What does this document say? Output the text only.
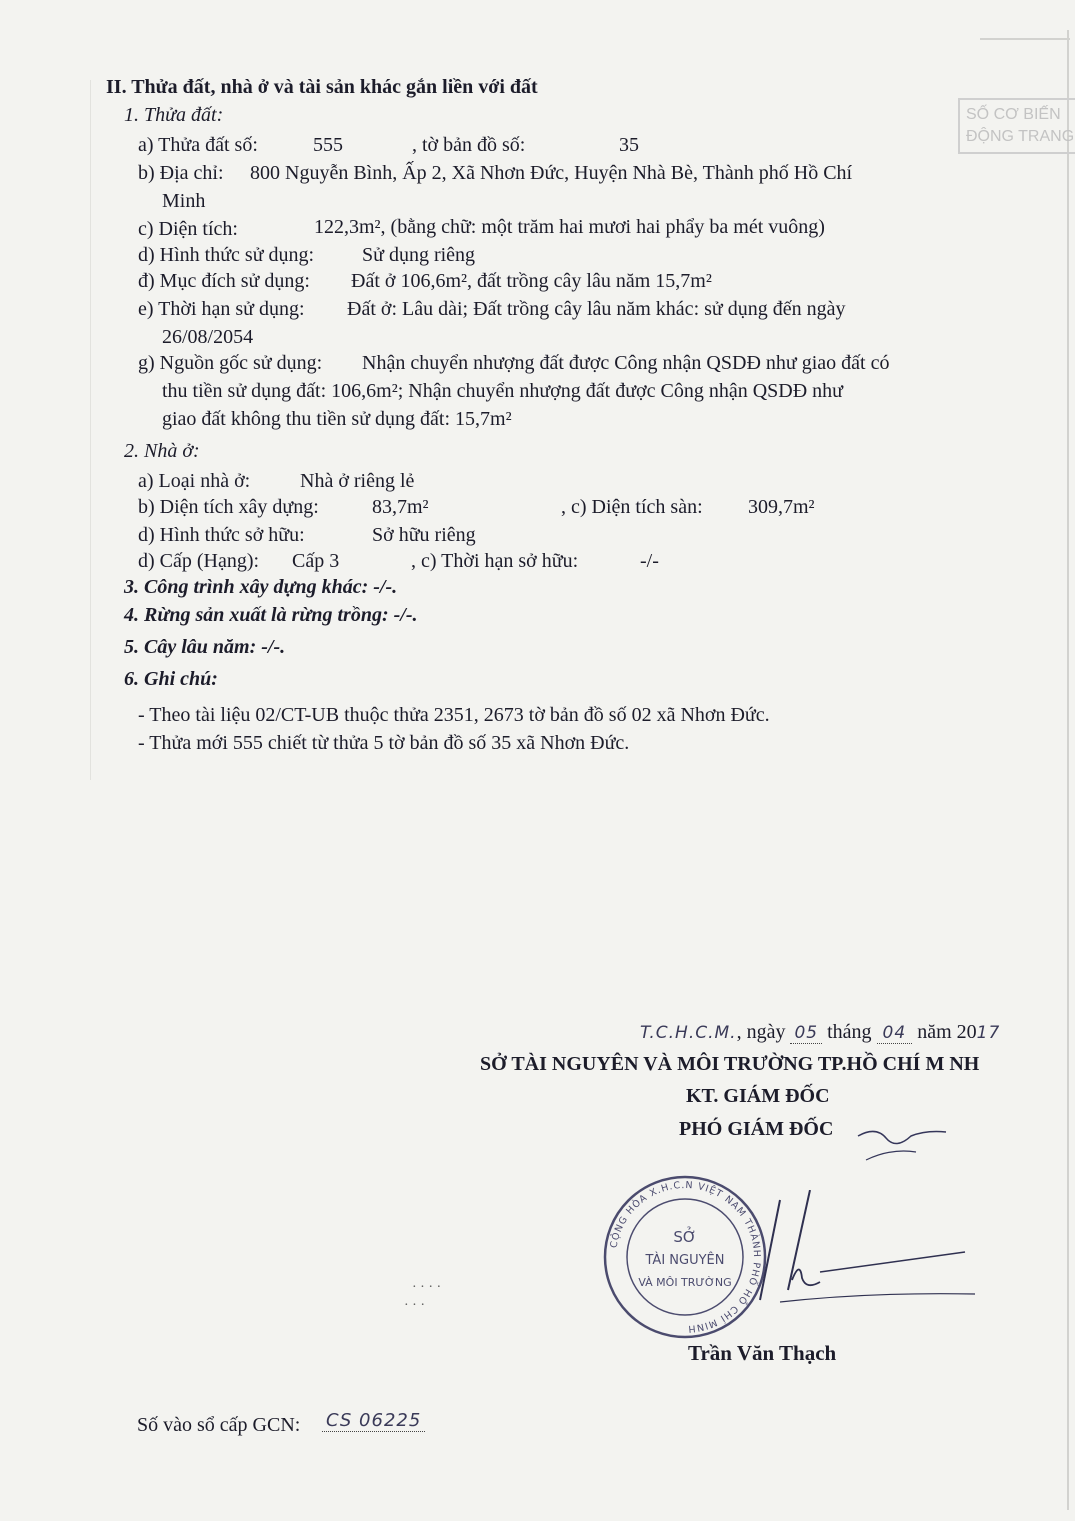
SỐ CƠ BIẾN
ĐỘNG TRANG
II. Thửa đất, nhà ở và tài sản khác gắn liền với đất
1. Thửa đất:
a) Thửa đất số:	555	, tờ bản đồ số:	35
b) Địa chỉ: 800 Nguyễn Bình, Ấp 2, Xã Nhơn Đức, Huyện Nhà Bè, Thành phố Hồ Chí
Minh
c) Diện tích:	122,3m², (bằng chữ: một trăm hai mươi hai phẩy ba mét vuông)
d) Hình thức sử dụng: Sử dụng riêng
đ) Mục đích sử dụng: Đất ở 106,6m², đất trồng cây lâu năm 15,7m²
e) Thời hạn sử dụng: Đất ở: Lâu dài; Đất trồng cây lâu năm khác: sử dụng đến ngày
26/08/2054
g) Nguồn gốc sử dụng: Nhận chuyển nhượng đất được Công nhận QSDĐ như giao đất có
thu tiền sử dụng đất: 106,6m²; Nhận chuyển nhượng đất được Công nhận QSDĐ như
giao đất không thu tiền sử dụng đất: 15,7m²
2. Nhà ở:
a) Loại nhà ở: Nhà ở riêng lẻ
b) Diện tích xây dựng:	83,7m²	, c) Diện tích sàn: 309,7m²
d) Hình thức sở hữu:	Sở hữu riêng
d) Cấp (Hạng): Cấp 3	, c) Thời hạn sở hữu:	-/-
3. Công trình xây dựng khác: -/-.
4. Rừng sản xuất là rừng trồng: -/-.
5. Cây lâu năm: -/-.
6. Ghi chú:
- Theo tài liệu 02/CT-UB thuộc thửa 2351, 2673 tờ bản đồ số 02 xã Nhơn Đức.
- Thửa mới 555 chiết từ thửa 5 tờ bản đồ số 35 xã Nhơn Đức.
T.C.H.C.M., ngày 05 tháng 04 năm 2017
SỞ TÀI NGUYÊN VÀ MÔI TRƯỜNG TP.HỒ CHÍ M NH
KT. GIÁM ĐỐC
PHÓ GIÁM ĐỐC
CỘNG HÒA X.H.C.N VIỆT NAM THÀNH PHỐ HỒ CHÍ MINH
SỞ
TÀI NGUYÊN
VÀ MÔI TRƯỜNG
Trần Văn Thạch
· · · ·
· · ·
Số vào sổ cấp GCN: CS 06225
